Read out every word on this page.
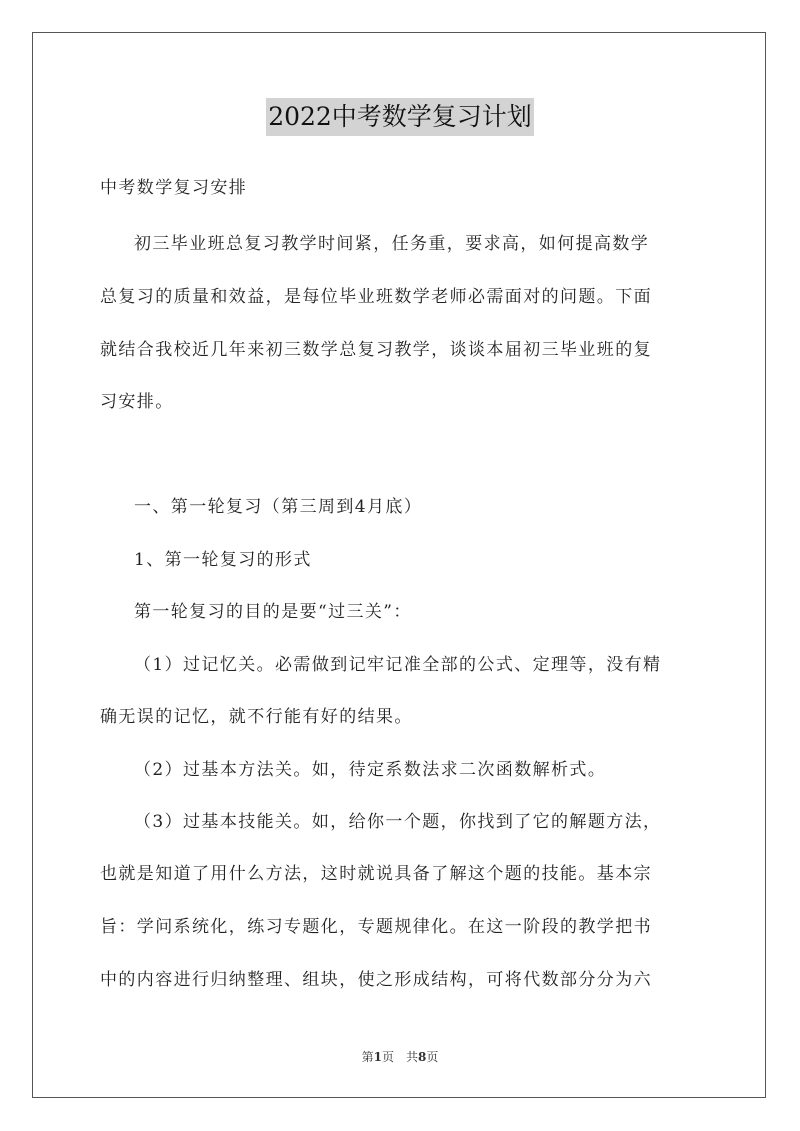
2022中考数学复习计划
中考数学复习安排
初三毕业班总复习教学时间紧，任务重，要求高，如何提高数学
总复习的质量和效益，是每位毕业班数学老师必需面对的问题。下面
就结合我校近几年来初三数学总复习教学，谈谈本届初三毕业班的复
习安排。
一、第一轮复习（第三周到4月底）
1、第一轮复习的形式
第一轮复习的目的是要“过三关”：
（1）过记忆关。必需做到记牢记准全部的公式、定理等，没有精
确无误的记忆，就不行能有好的结果。
（2）过基本方法关。如，待定系数法求二次函数解析式。
（3）过基本技能关。如，给你一个题，你找到了它的解题方法，
也就是知道了用什么方法，这时就说具备了解这个题的技能。基本宗
旨：学问系统化，练习专题化，专题规律化。在这一阶段的教学把书
中的内容进行归纳整理、组块，使之形成结构，可将代数部分分为六
第1页　共8页
